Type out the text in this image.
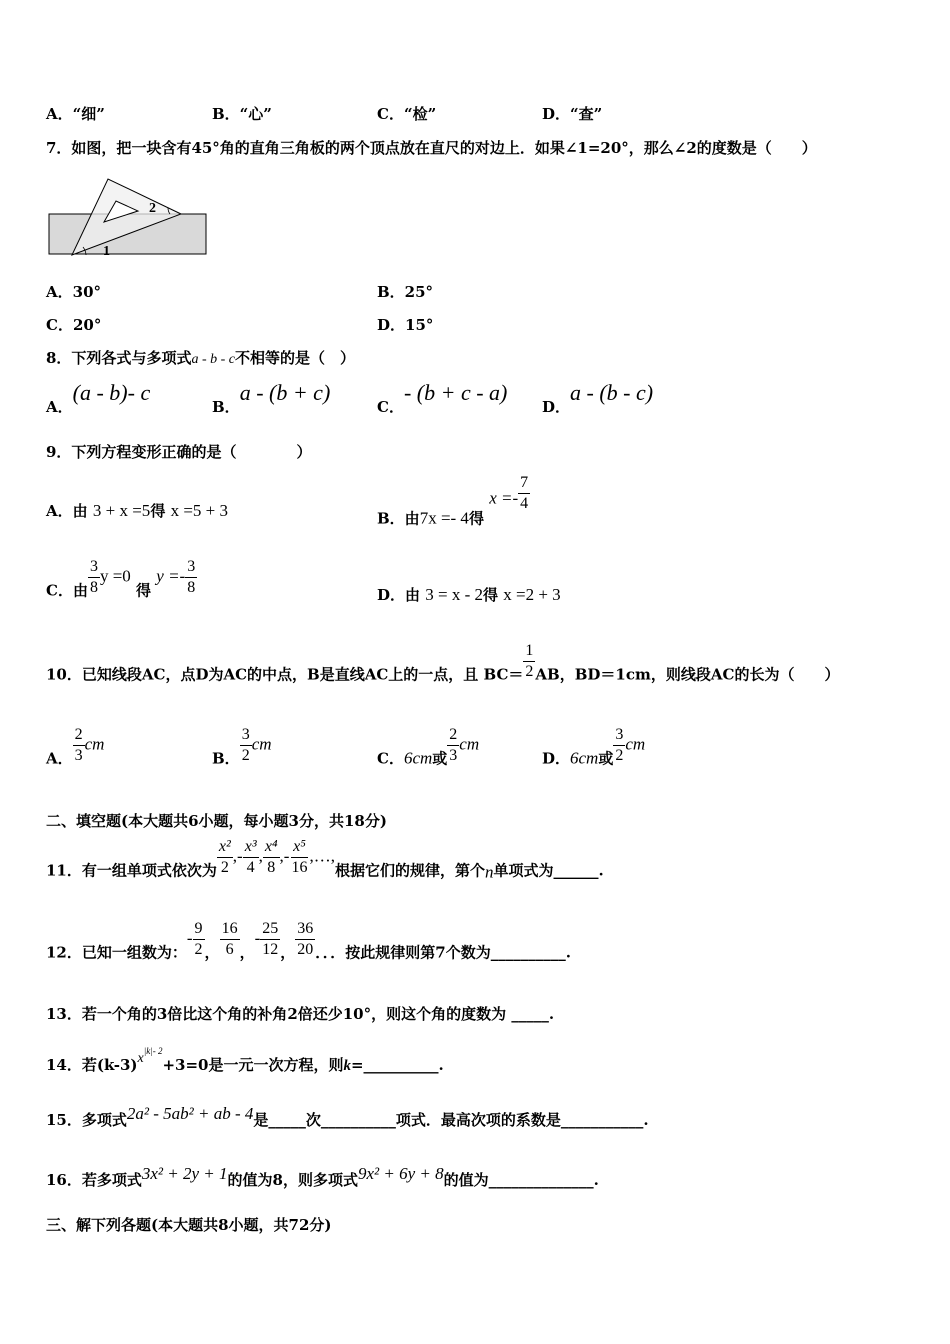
A．“细”	B．“心”	C．“检”	D．“查”
7．如图，把一块含有45°角的直角三角板的两个顶点放在直尺的对边上．如果∠1=20°，那么∠2的度数是（　　）
1
2
A．30°	B．25°
C．20°	D．15°
8．下列各式与多项式a - b - c不相等的是（　）
A．(a - b)- c
B．a - (b + c)
C．- (b + c - a)
D．a - (b - c)
9．下列方程变形正确的是（　　　　）
A．由 3 + x =5得 x =5 + 3	B．由7x =- 4得 $x =- \frac{7}{4}$
C．由 $\frac{3}{8}$ y =0 得 $y =- \frac{3}{8}$	D．由 3 = x - 2得 x =2 + 3
10．已知线段AC，点D为AC的中点，B是直线AC上的一点，且 $BC= \frac{1}{2}$ AB，BD＝1cm，则线段AC的长为（　　）
A． $\frac{2}{3}$ cm
B． $\frac{3}{2}$ cm
C．6cm或 $\frac{2}{3}$ cm
D．6cm或 $\frac{3}{2}$ cm
二、填空题(本大题共6小题，每小题3分，共18分)
11．有一组单项式依次为 $\frac{\text{x²}}{2}$ ,- $\frac{\text{x³}}{4}$ , $\frac{\text{x⁴}}{8}$ ,- $\frac{\text{x⁵}}{16}$ ,…,根据它们的规律，第个n单项式为______.
12．已知一组数为：- $\frac{9}{2}$ ， $\frac{16}{6}$ ，- $\frac{25}{12}$ ， $\frac{36}{20}$ ．．．按此规律则第7个数为__________.
13．若一个角的3倍比这个角的补角2倍还少10°，则这个角的度数为 _____.
14．若$(k-3)x^{|k|- 2}+3=0$是一元一次方程，则k=__________.
15．多项式2a² - 5ab² + ab - 4是_____次__________项式．最高次项的系数是___________.
16．若多项式3x² + 2y + 1的值为8，则多项式9x² + 6y + 8的值为______________.
三、解下列各题(本大题共8小题，共72分)
